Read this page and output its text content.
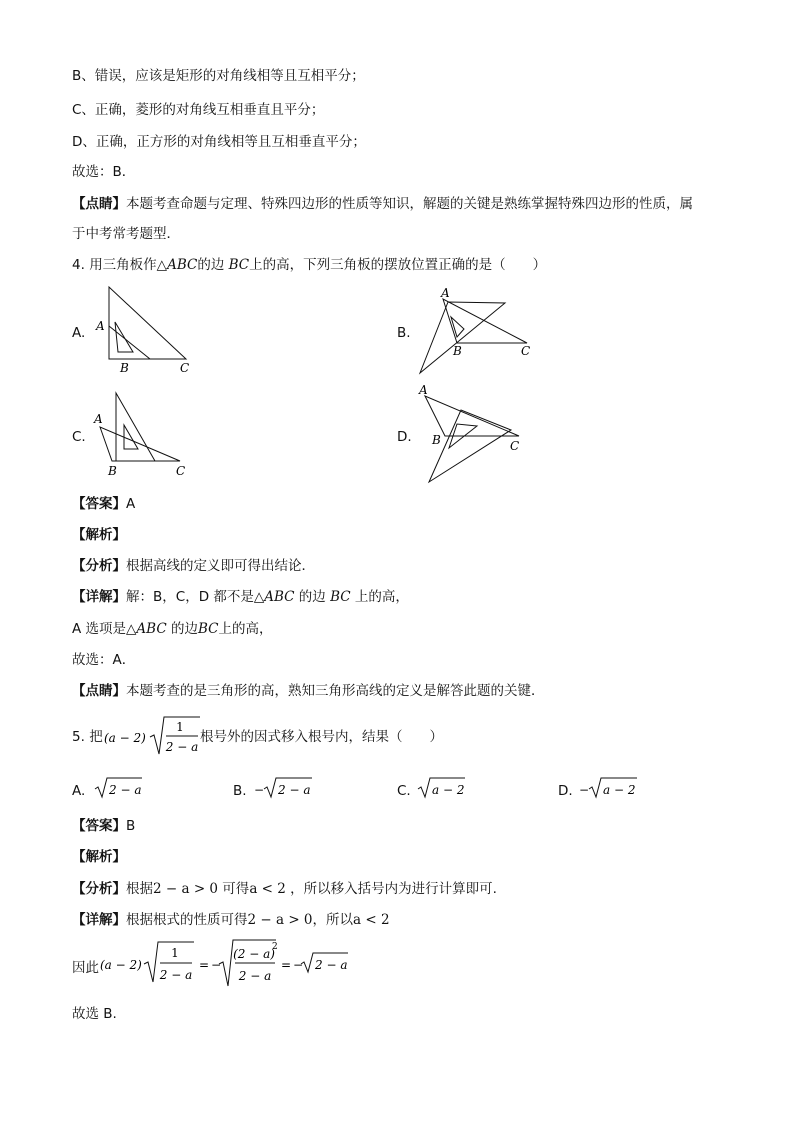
B、错误，应该是矩形的对角线相等且互相平分；
C、正确，菱形的对角线互相垂直且平分；
D、正确，正方形的对角线相等且互相垂直平分；
故选：B．
【点睛】本题考查命题与定理、特殊四边形的性质等知识，解题的关键是熟练掌握特殊四边形的性质，属
于中考常考题型．
4. 用三角板作△ABC的边 BC上的高，下列三角板的摆放位置正确的是（　　）
A.	B.
C.	D.
A
B	C
A
B	C
A
B	C
A
B	C
【答案】A
【解析】
【分析】根据高线的定义即可得出结论．
【详解】解：B，C，D 都不是△ABC 的边 BC 上的高，
A 选项是△ABC 的边BC上的高，
故选：A．
【点睛】本题考查的是三角形的高，熟知三角形高线的定义是解答此题的关键．
5. 把 (a − 2)
1
2 − a
根号外的因式移入根号内，结果（　　）
A. 2 − a	B. − 2 − a	C. a − 2	D. − a − 2
【答案】B
【解析】
【分析】根据2 − a > 0 可得a < 2 ，所以移入括号内为进行计算即可.
【详解】根据根式的性质可得2 − a > 0，所以a < 2
因此 (a − 2)
1
2 − a
= −
(2 − a)
2
2 − a
= − 2 − a
故选 B.
